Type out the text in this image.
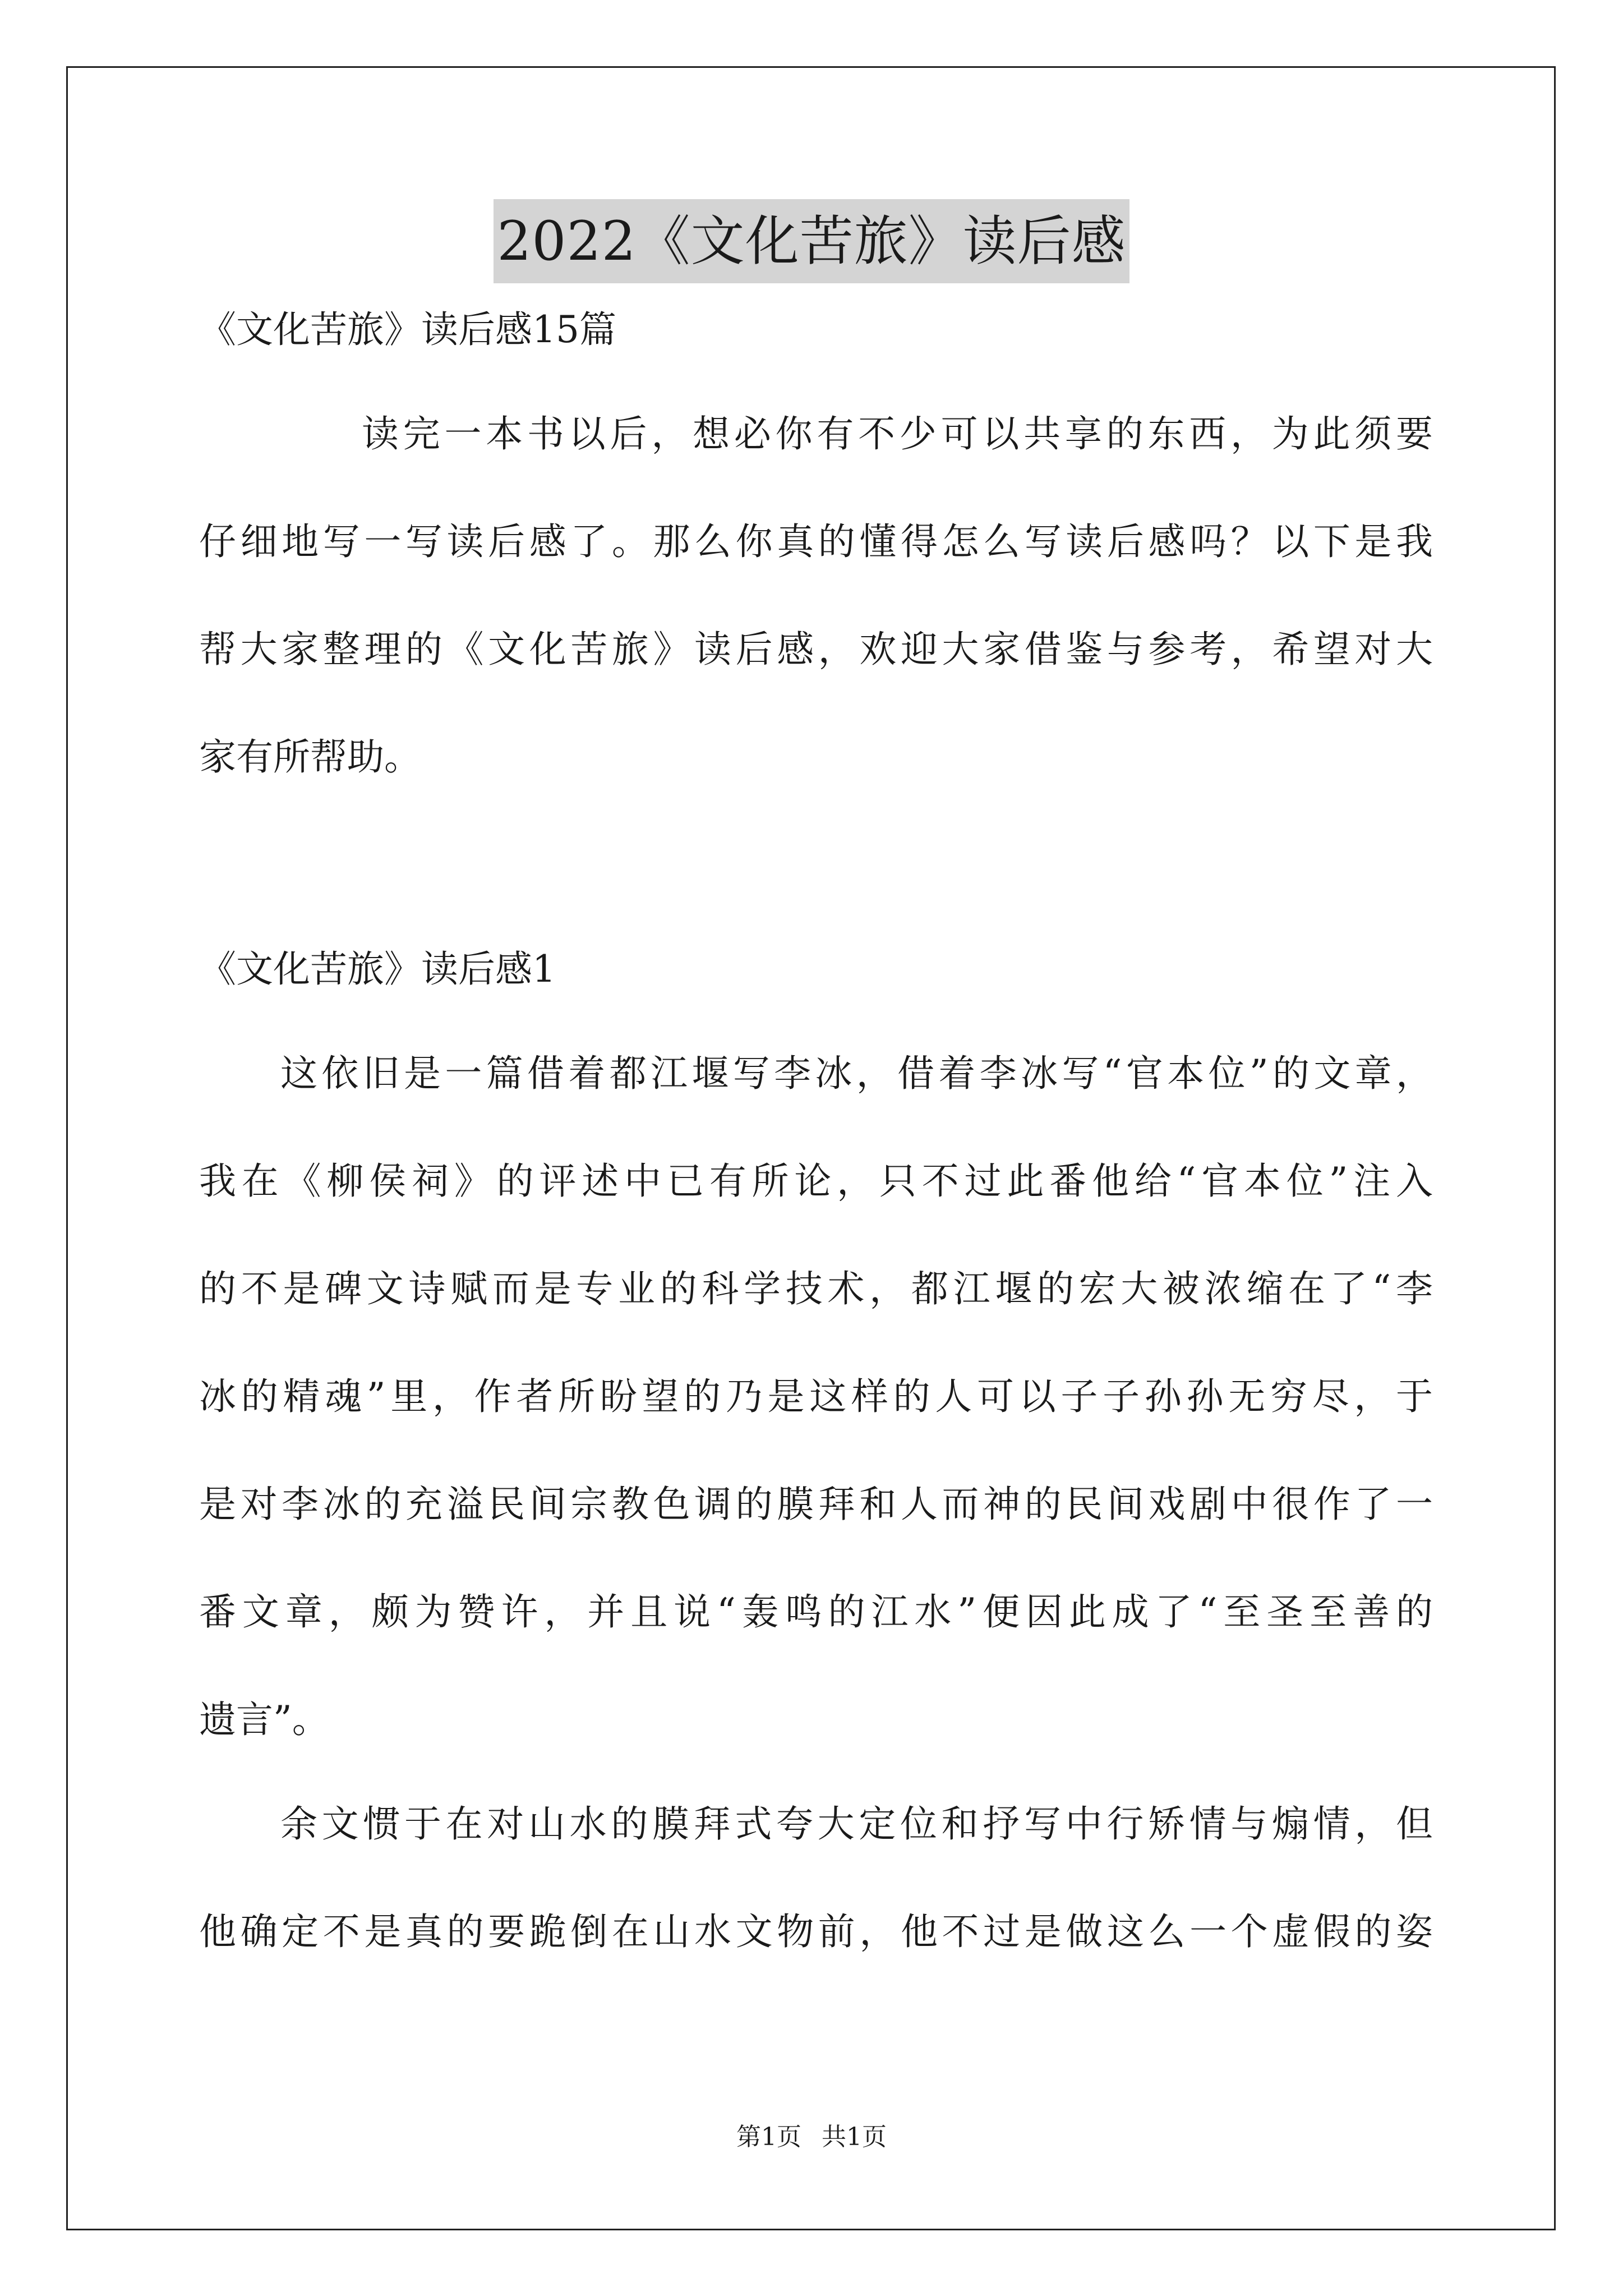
2022《文化苦旅》读后感
《文化苦旅》读后感15篇
读完一本书以后，想必你有不少可以共享的东西，为此须要
仔细地写一写读后感了。那么你真的懂得怎么写读后感吗？以下是我
帮大家整理的《文化苦旅》读后感，欢迎大家借鉴与参考，希望对大
家有所帮助。
《文化苦旅》读后感1
这依旧是一篇借着都江堰写李冰，借着李冰写“官本位”的文章，
我在《柳侯祠》的评述中已有所论，只不过此番他给“官本位”注入
的不是碑文诗赋而是专业的科学技术，都江堰的宏大被浓缩在了“李
冰的精魂”里，作者所盼望的乃是这样的人可以子子孙孙无穷尽，于
是对李冰的充溢民间宗教色调的膜拜和人而神的民间戏剧中很作了一
番文章，颇为赞许，并且说“轰鸣的江水”便因此成了“至圣至善的
遗言”。
余文惯于在对山水的膜拜式夸大定位和抒写中行矫情与煽情，但
他确定不是真的要跪倒在山水文物前，他不过是做这么一个虚假的姿
第1页 共1页
